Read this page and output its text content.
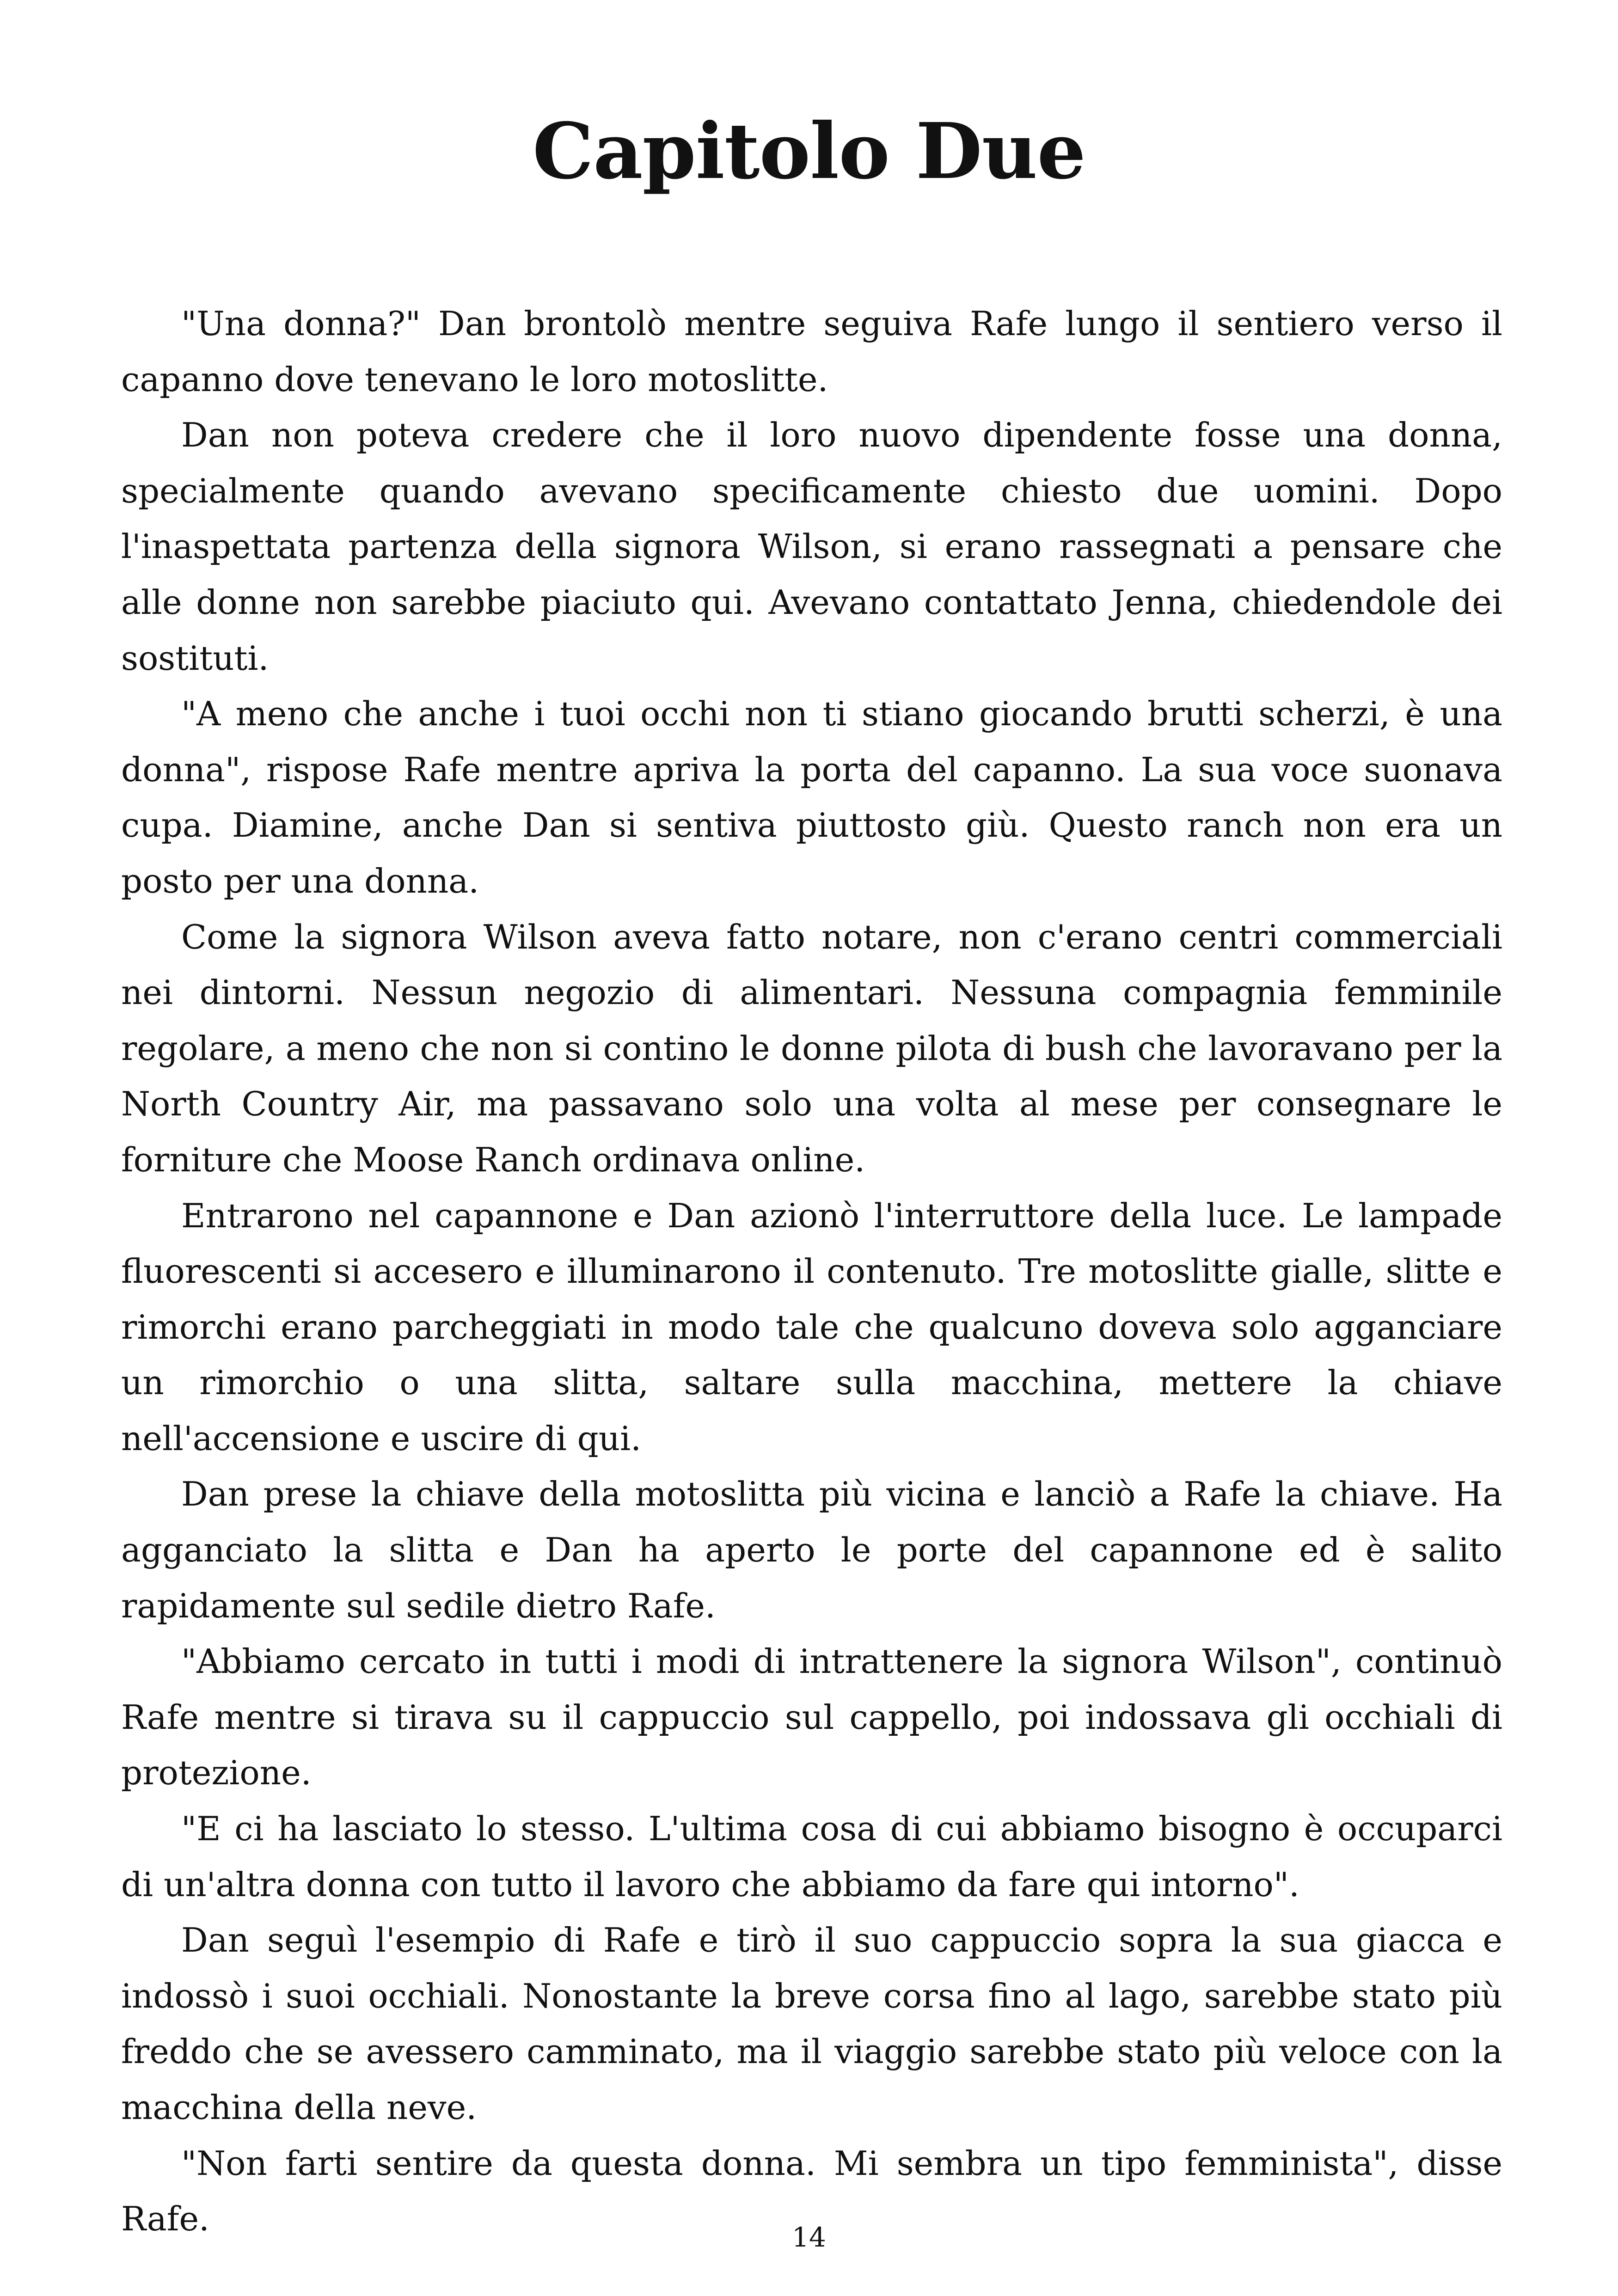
Capitolo Due

"Una donna?" Dan brontolò mentre seguiva Rafe lungo il sentiero verso il capanno dove tenevano le loro motoslitte.

Dan non poteva credere che il loro nuovo dipendente fosse una donna, specialmente quando avevano specificamente chiesto due uomini. Dopo l'inaspettata partenza della signora Wilson, si erano rassegnati a pensare che alle donne non sarebbe piaciuto qui. Avevano contattato Jenna, chiedendole dei sostituti.

"A meno che anche i tuoi occhi non ti stiano giocando brutti scherzi, è una donna", rispose Rafe mentre apriva la porta del capanno. La sua voce suonava cupa. Diamine, anche Dan si sentiva piuttosto giù. Questo ranch non era un posto per una donna.

Come la signora Wilson aveva fatto notare, non c'erano centri commerciali nei dintorni. Nessun negozio di alimentari. Nessuna compagnia femminile regolare, a meno che non si contino le donne pilota di bush che lavoravano per la North Country Air, ma passavano solo una volta al mese per consegnare le forniture che Moose Ranch ordinava online.

Entrarono nel capannone e Dan azionò l'interruttore della luce. Le lampade fluorescenti si accesero e illuminarono il contenuto. Tre motoslitte gialle, slitte e rimorchi erano parcheggiati in modo tale che qualcuno doveva solo agganciare un rimorchio o una slitta, saltare sulla macchina, mettere la chiave nell'accensione e uscire di qui.

Dan prese la chiave della motoslitta più vicina e lanciò a Rafe la chiave. Ha agganciato la slitta e Dan ha aperto le porte del capannone ed è salito rapidamente sul sedile dietro Rafe.

"Abbiamo cercato in tutti i modi di intrattenere la signora Wilson", continuò Rafe mentre si tirava su il cappuccio sul cappello, poi indossava gli occhiali di protezione.

"E ci ha lasciato lo stesso. L'ultima cosa di cui abbiamo bisogno è occuparci di un'altra donna con tutto il lavoro che abbiamo da fare qui intorno".

Dan seguì l'esempio di Rafe e tirò il suo cappuccio sopra la sua giacca e indossò i suoi occhiali. Nonostante la breve corsa fino al lago, sarebbe stato più freddo che se avessero camminato, ma il viaggio sarebbe stato più veloce con la macchina della neve.

"Non farti sentire da questa donna. Mi sembra un tipo femminista", disse Rafe.	14
